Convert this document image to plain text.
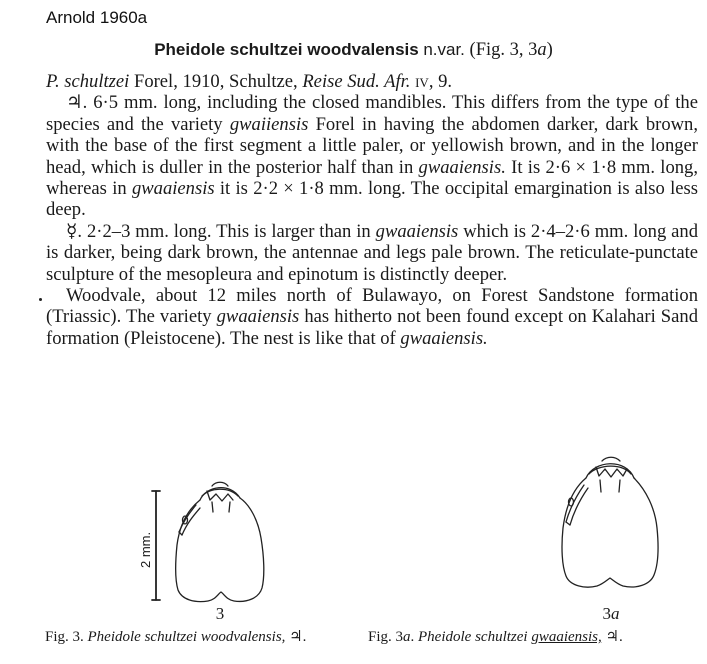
Arnold 1960a
Pheidole schultzei woodvalensis n.var. (Fig. 3, 3a)

P. schultzei Forel, 1910, Schultze, Reise Sud. Afr. iv, 9.

♃. 6·5 mm. long, including the closed mandibles. This differs from the type of the species and the variety gwaiiensis Forel in having the abdomen darker, dark brown, with the base of the first segment a little paler, or yellowish brown, and in the longer head, which is duller in the posterior half than in gwaaiensis. It is 2·6 × 1·8 mm. long, whereas in gwaaiensis it is 2·2 × 1·8 mm. long. The occipital emargination is also less deep.

☿. 2·2–3 mm. long. This is larger than in gwaaiensis which is 2·4–2·6 mm. long and is darker, being dark brown, the antennae and legs pale brown. The reticulate-punctate sculpture of the mesopleura and epinotum is distinctly deeper.

Woodvale, about 12 miles north of Bulawayo, on Forest Sandstone formation (Triassic). The variety gwaaiensis has hitherto not been found except on Kalahari Sand formation (Pleistocene). The nest is like that of gwaaiensis.

2 mm.
3	3a
Fig. 3. Pheidole schultzei woodvalensis, ♃.	Fig. 3a. Pheidole schultzei gwaaiensis, ♃.
